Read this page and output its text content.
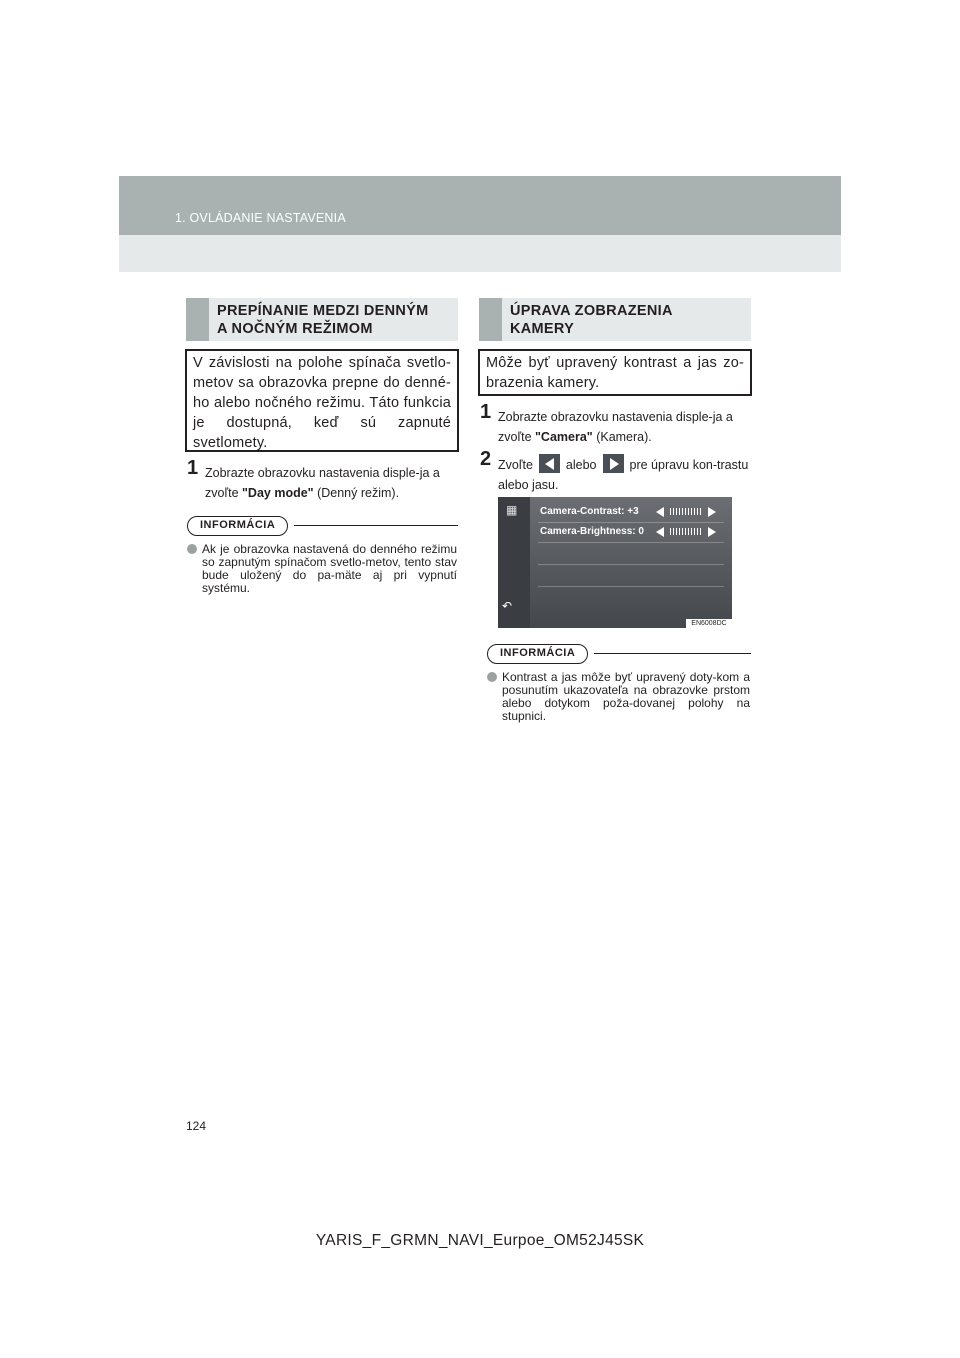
1. OVLÁDANIE NASTAVENIA
PREPÍNANIE MEDZI DENNÝM
A NOČNÝM REŽIMOM
V závislosti na polohe spínača svetlo-metov sa obrazovka prepne do denné-ho alebo nočného režimu. Táto funkcia je dostupná, keď sú zapnuté svetlomety.
1 Zobrazte obrazovku nastavenia disple-ja a zvoľte "Day mode" (Denný režim).
INFORMÁCIA
Ak je obrazovka nastavená do denného režimu so zapnutým spínačom svetlo-metov, tento stav bude uložený do pa-mäte aj pri vypnutí systému.
ÚPRAVA ZOBRAZENIA
KAMERY
Môže byť upravený kontrast a jas zo-brazenia kamery.
1 Zobrazte obrazovku nastavenia disple-ja a zvoľte "Camera" (Kamera).
2 Zvoľte	alebo	pre úpravu kon-trastu alebo jasu.
▦
↶
Camera-Contrast: +3
Camera-Brightness: 0
EN6008DC
INFORMÁCIA
Kontrast a jas môže byť upravený doty-kom a posunutím ukazovateľa na obrazovke prstom alebo dotykom poža-dovanej polohy na stupnici.
124
YARIS_F_GRMN_NAVI_Eurpoe_OM52J45SK
